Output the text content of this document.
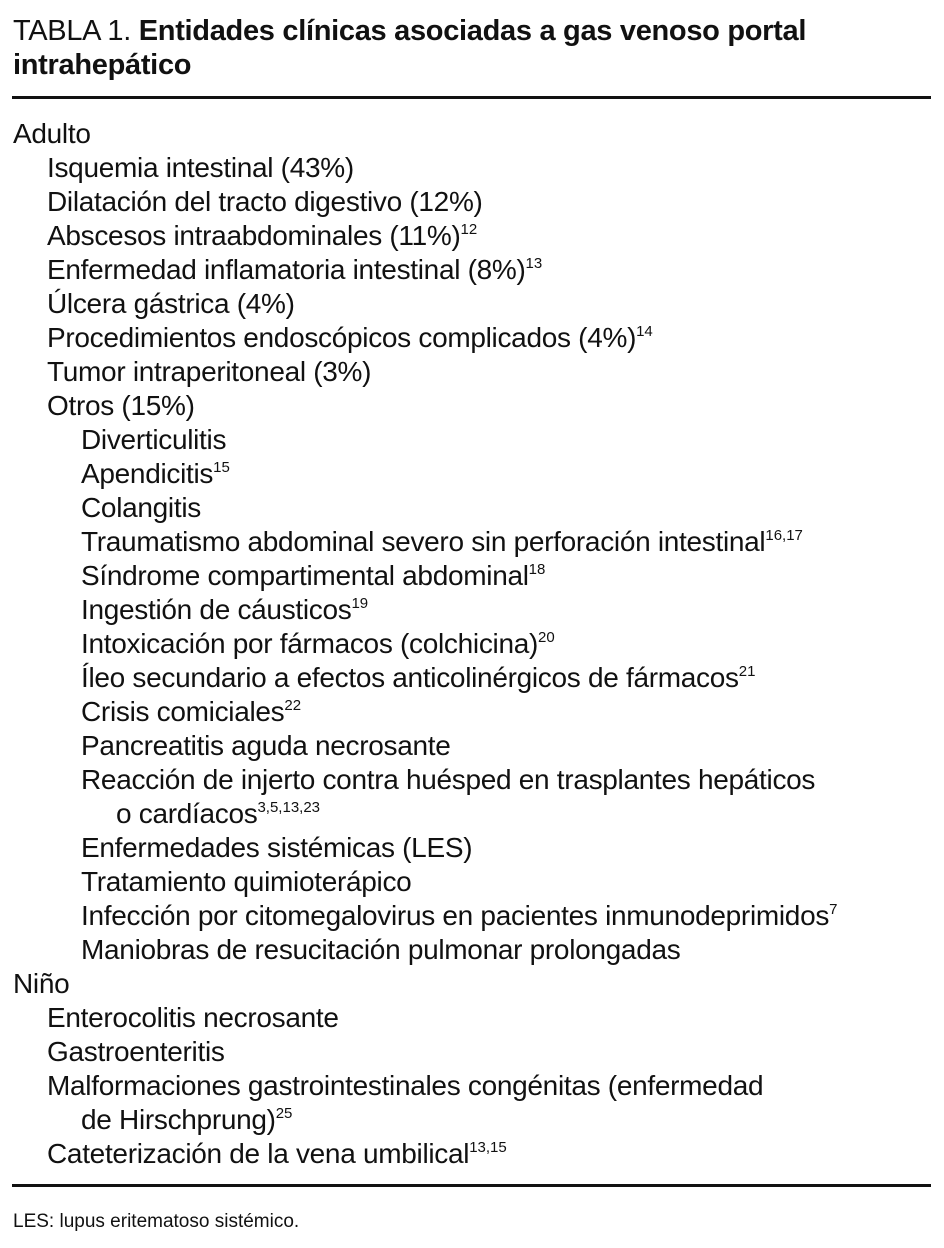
TABLA 1. Entidades clínicas asociadas a gas venoso portal intrahepático
Adulto
Isquemia intestinal (43%)
Dilatación del tracto digestivo (12%)
Abscesos intraabdominales $(11\%)^{12}$
Enfermedad inflamatoria intestinal $(8\%)^{13}$
Úlcera gástrica (4%)
Procedimientos endoscópicos complicados $(4\%)^{14}$
Tumor intraperitoneal (3%)
Otros (15%)
Diverticulitis
Apendicitis$^{15}$
Colangitis
Traumatismo abdominal severo sin perforación intestinal$^{16,17}$
Síndrome compartimental abdominal$^{18}$
Ingestión de cáusticos$^{19}$
Intoxicación por fármacos (colchicina)$^{20}$
Íleo secundario a efectos anticolinérgicos de fármacos$^{21}$
Crisis comiciales$^{22}$
Pancreatitis aguda necrosante
Reacción de injerto contra huésped en trasplantes hepáticos
o cardíacos$^{3,5,13,23}$
Enfermedades sistémicas (LES)
Tratamiento quimioterápico
Infección por citomegalovirus en pacientes inmunodeprimidos$^7$
Maniobras de resucitación pulmonar prolongadas
Niño
Enterocolitis necrosante
Gastroenteritis
Malformaciones gastrointestinales congénitas (enfermedad
de Hirschprung)$^{25}$
Cateterización de la vena umbilical$^{13,15}$
LES: lupus eritematoso sistémico.
